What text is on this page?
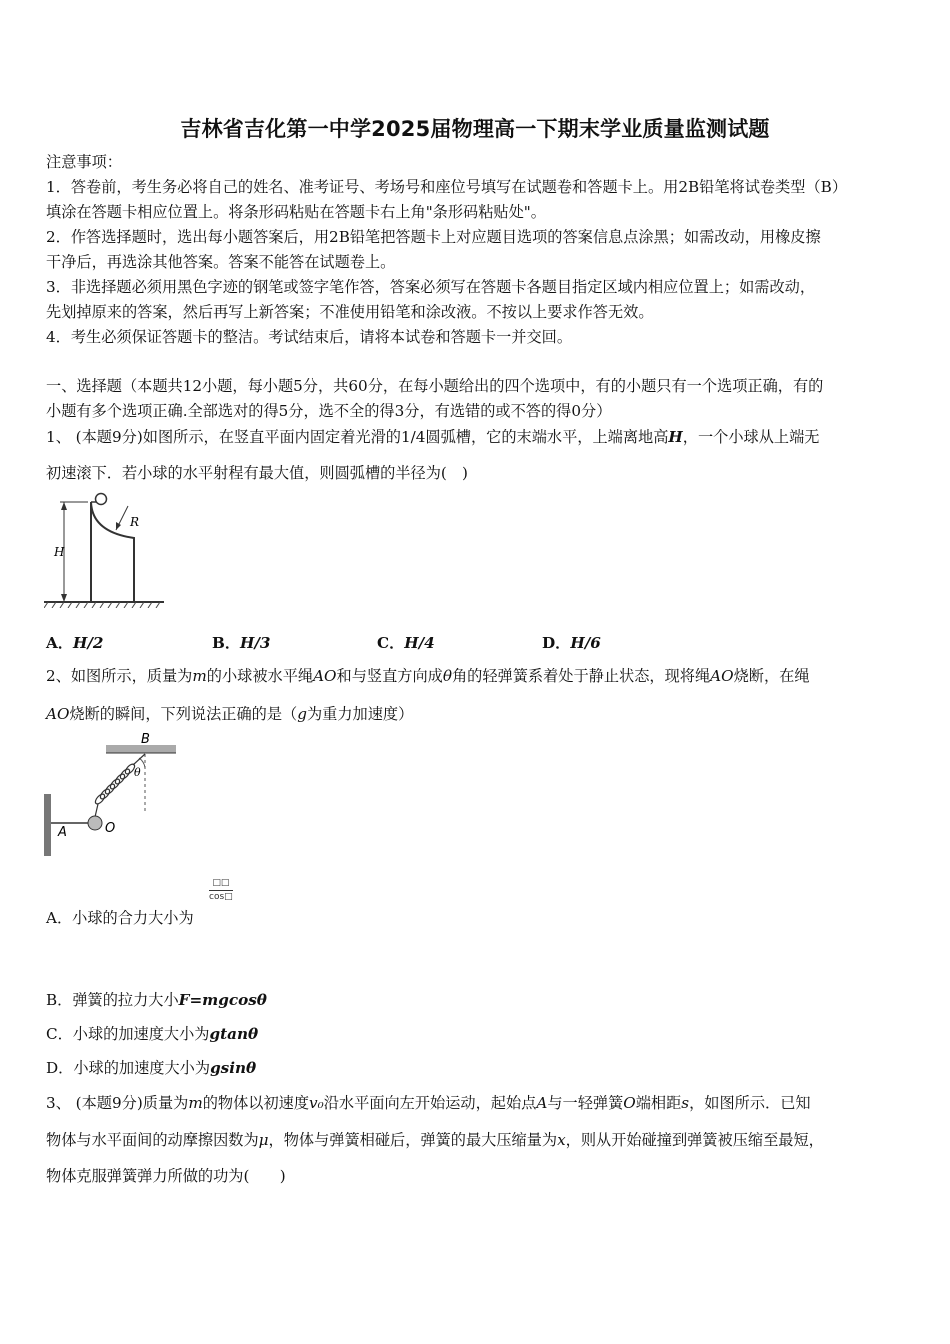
吉林省吉化第一中学2025届物理高一下期末学业质量监测试题
注意事项：
1．答卷前，考生务必将自己的姓名、准考证号、考场号和座位号填写在试题卷和答题卡上。用2B铅笔将试卷类型（B）
填涂在答题卡相应位置上。将条形码粘贴在答题卡右上角"条形码粘贴处"。
2．作答选择题时，选出每小题答案后，用2B铅笔把答题卡上对应题目选项的答案信息点涂黑；如需改动，用橡皮擦
干净后，再选涂其他答案。答案不能答在试题卷上。
3．非选择题必须用黑色字迹的钢笔或签字笔作答，答案必须写在答题卡各题目指定区域内相应位置上；如需改动，
先划掉原来的答案，然后再写上新答案；不准使用铅笔和涂改液。不按以上要求作答无效。
4．考生必须保证答题卡的整洁。考试结束后，请将本试卷和答题卡一并交回。
一、选择题（本题共12小题，每小题5分，共60分，在每小题给出的四个选项中，有的小题只有一个选项正确，有的
小题有多个选项正确.全部选对的得5分，选不全的得3分，有选错的或不答的得0分）
1、 (本题9分)如图所示，在竖直平面内固定着光滑的1/4圆弧槽，它的末端水平，上端离地高H，一个小球从上端无
初速滚下．若小球的水平射程有最大值，则圆弧槽的半径为(　)
H
R
A．H/2	B．H/3	C．H/4	D．H/6
2、如图所示，质量为m的小球被水平绳AO和与竖直方向成θ角的轻弹簧系着处于静止状态，现将绳AO烧断，在绳
AO烧断的瞬间，下列说法正确的是（g为重力加速度）
B
A	O
θ
□□
cos□
A．小球的合力大小为
B．弹簧的拉力大小F=mgcosθ
C．小球的加速度大小为gtanθ
D．小球的加速度大小为gsinθ
3、 (本题9分)质量为m的物体以初速度v₀沿水平面向左开始运动，起始点A与一轻弹簧O端相距s，如图所示．已知
物体与水平面间的动摩擦因数为μ，物体与弹簧相碰后，弹簧的最大压缩量为x，则从开始碰撞到弹簧被压缩至最短，
物体克服弹簧弹力所做的功为(　　)
